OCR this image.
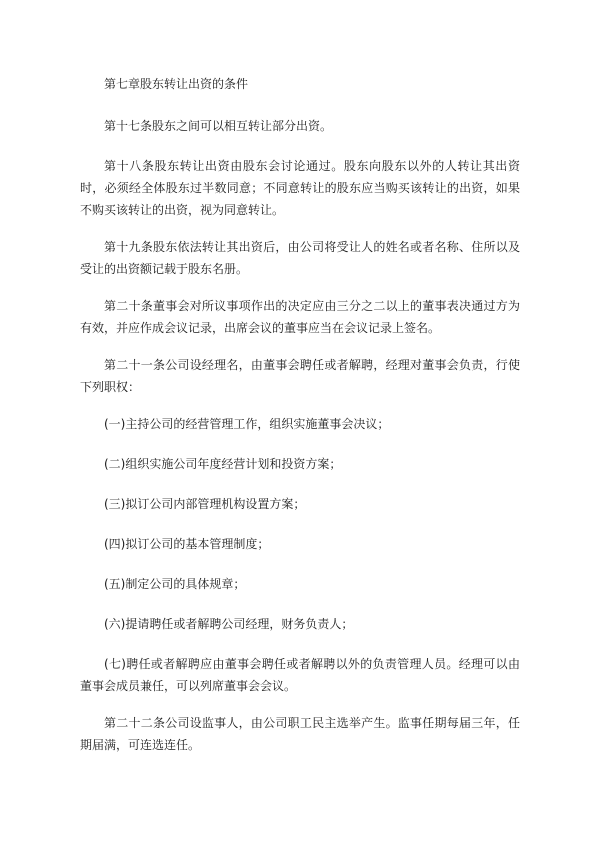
第七章股东转让出资的条件

第十七条股东之间可以相互转让部分出资。

第十八条股东转让出资由股东会讨论通过。股东向股东以外的人转让其出资时，必须经全体股东过半数同意；不同意转让的股东应当购买该转让的出资，如果不购买该转让的出资，视为同意转让。

第十九条股东依法转让其出资后，由公司将受让人的姓名或者名称、住所以及受让的出资额记载于股东名册。

第二十条董事会对所议事项作出的决定应由三分之二以上的董事表决通过方为有效，并应作成会议记录，出席会议的董事应当在会议记录上签名。

第二十一条公司设经理名，由董事会聘任或者解聘，经理对董事会负责，行使下列职权：

(一)主持公司的经营管理工作，组织实施董事会决议；

(二)组织实施公司年度经营计划和投资方案；

(三)拟订公司内部管理机构设置方案；

(四)拟订公司的基本管理制度；

(五)制定公司的具体规章；

(六)提请聘任或者解聘公司经理，财务负责人；

(七)聘任或者解聘应由董事会聘任或者解聘以外的负责管理人员。经理可以由董事会成员兼任，可以列席董事会会议。

第二十二条公司设监事人，由公司职工民主选举产生。监事任期每届三年，任期届满，可连选连任。
